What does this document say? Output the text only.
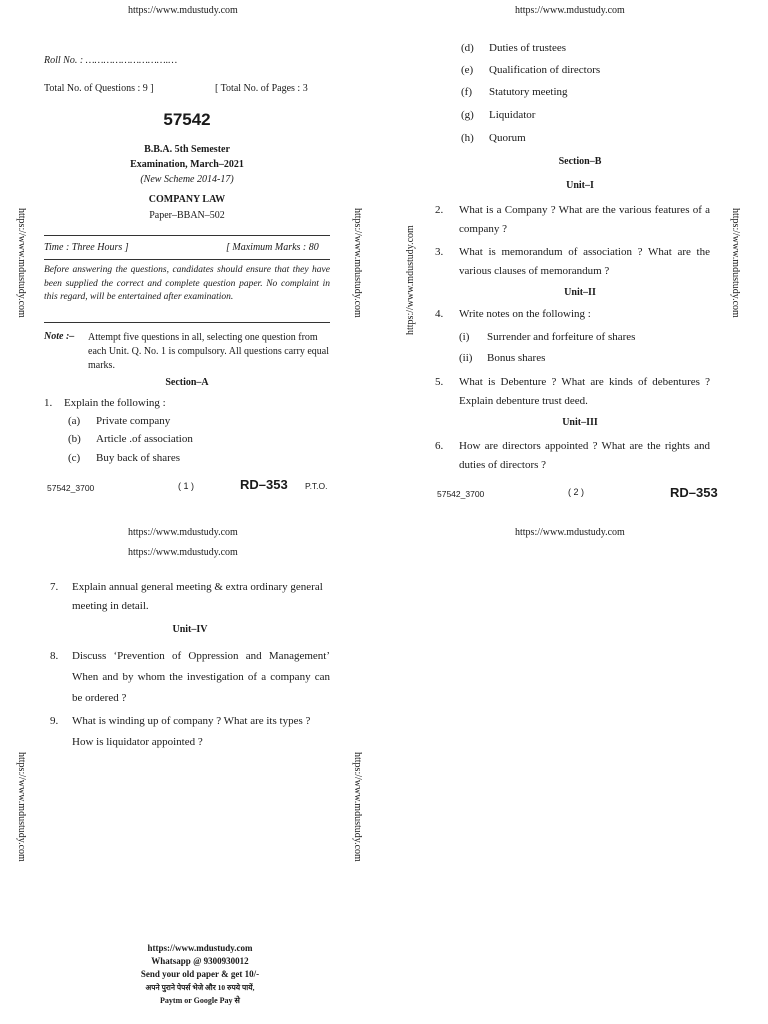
https://www.mdustudy.com	https://www.mdustudy.com
https://www.mdustudy.com	https://www.mdustudy.com	https://www.mdustudy.com	https://www.mdustudy.com
https://www.mdustudy.com	https://www.mdustudy.com
Roll No. : ……………………….…
Total No. of Questions : 9 ]	[ Total No. of Pages : 3
57542
B.B.A. 5th Semester
Examination, March–2021
(New Scheme 2014-17)
COMPANY LAW
Paper–BBAN–502
Time : Three Hours ]	[ Maximum Marks : 80
Before answering the questions, candidates should ensure that they have been supplied the correct and complete question paper. No complaint in this regard, will be entertained after examination.
Note :– Attempt five questions in all, selecting one question from each Unit. Q. No. 1 is compulsory. All questions carry equal marks.
Section–A
1. Explain the following :
(a) Private company
(b) Article .of association
(c) Buy back of shares
57542_3700	( 1 )	RD–353 P.T.O.
(d) Duties of trustees
(e) Qualification of directors
(f) Statutory meeting
(g) Liquidator
(h) Quorum
Section–B
Unit–I
2.	What is a Company ? What are the various features of a company ?
3.	What is memorandum of association ? What are the various clauses of memorandum ?
Unit–II
4. Write notes on the following :
(i) Surrender and forfeiture of shares
(ii) Bonus shares
5.	What is Debenture ? What are kinds of debentures ? Explain debenture trust deed.
Unit–III
6.	How are directors appointed ? What are the rights and duties of directors ?
57542_3700	( 2 )	RD–353
https://www.mdustudy.com	https://www.mdustudy.com
https://www.mdustudy.com
7.	Explain annual general meeting & extra ordinary general meeting in detail.
Unit–IV
8.	Discuss ‘Prevention of Oppression and Management’ When and by whom the investigation of a company can be ordered ?
9.	What is winding up of company ? What are its types ? How is liquidator appointed ?
https://www.mdustudy.com
Whatsapp @ 9300930012
Send your old paper & get 10/-
अपने पुराने पेपर्स भेजे और 10 रुपये पायें,
Paytm or Google Pay से
